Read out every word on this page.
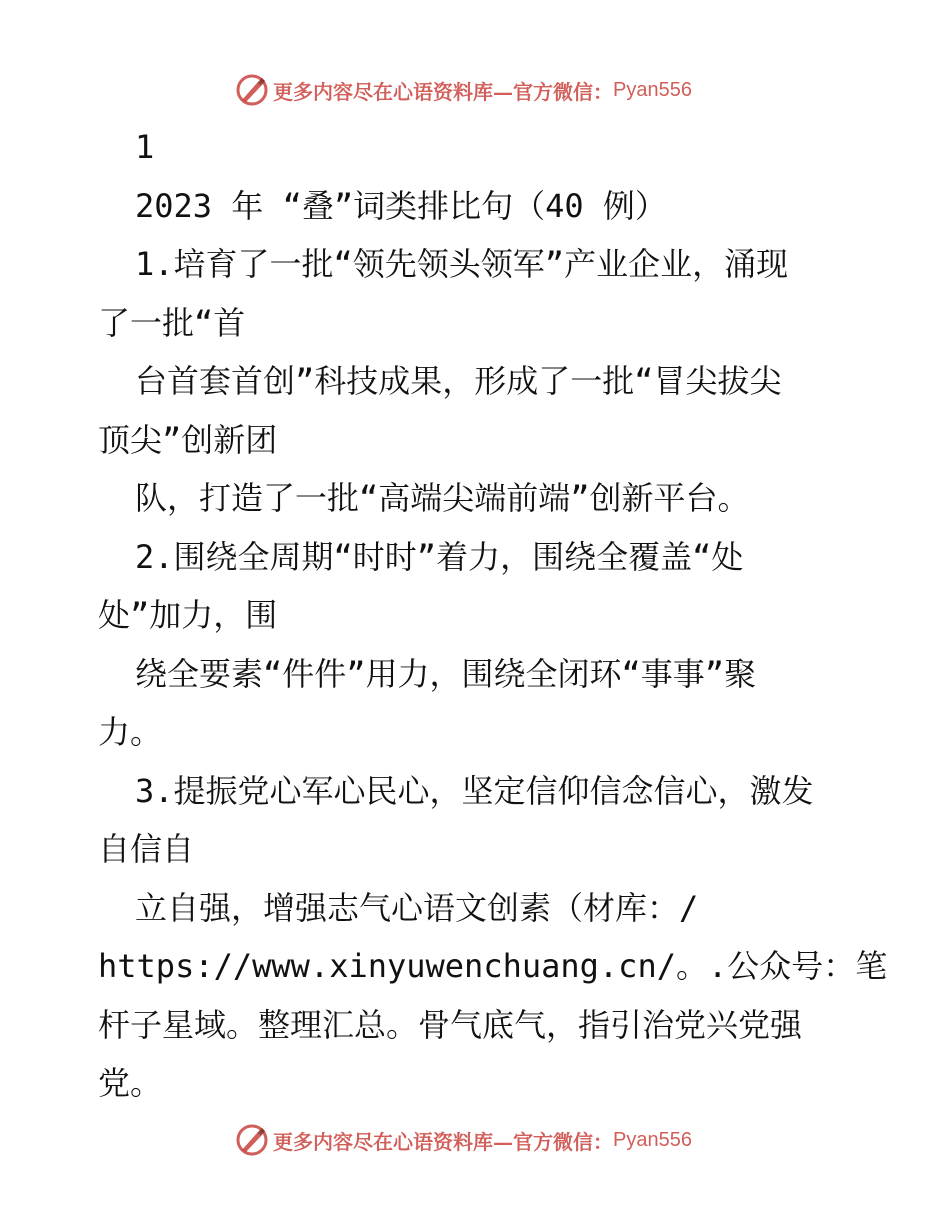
更多内容尽在心语资料库—官方微信： Pyan556
1
2023 年 “叠”词类排比句（40 例）
1.培育了一批“领先领头领军”产业企业，涌现
了一批“首
台首套首创”科技成果，形成了一批“冒尖拔尖
顶尖”创新团
队，打造了一批“高端尖端前端”创新平台。
2.围绕全周期“时时”着力，围绕全覆盖“处
处”加力，围
绕全要素“件件”用力，围绕全闭环“事事”聚
力。
3.提振党心军心民心，坚定信仰信念信心，激发
自信自
立自强，增强志气心语文创素（材库：/
https://www.xinyuwenchuang.cn/。.公众号：笔
杆子星域。整理汇总。骨气底气，指引治党兴党强
党。
更多内容尽在心语资料库—官方微信： Pyan556
